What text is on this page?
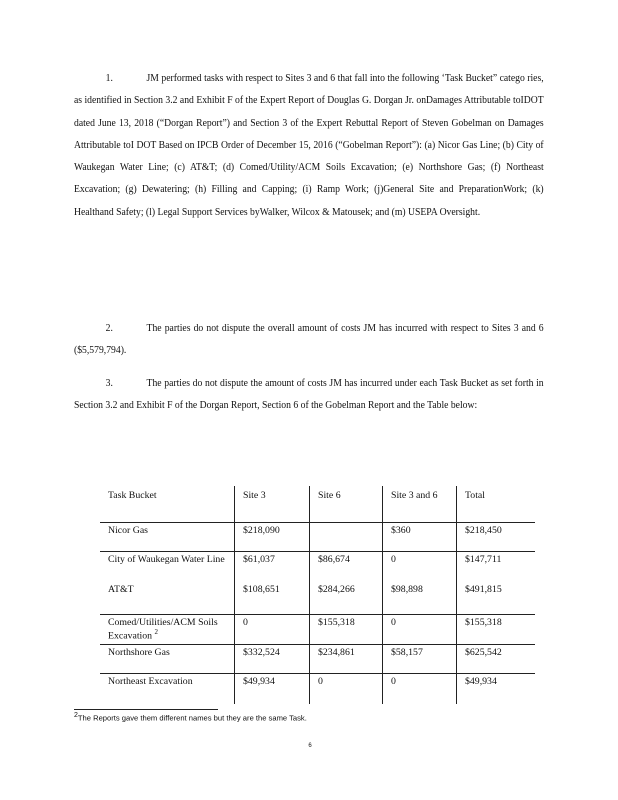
1.	JM performed tasks with respect to Sites 3 and 6 that fall into the following ‘Task Bucket” catego ries, as identified in Section 3.2 and Exhibit F of the Expert Report of Douglas G. Dorgan Jr. onDamages Attributable toIDOT dated June 13, 2018 (“Dorgan Report”) and Section 3 of the Expert Rebuttal Report of Steven Gobelman on Damages Attributable toI DOT Based on IPCB Order of December 15, 2016 (“Gobelman Report”): (a) Nicor Gas Line; (b) City of Waukegan Water Line; (c) AT&T; (d) Comed/Utility/ACM Soils Excavation; (e) Northshore Gas; (f) Northeast Excavation; (g) Dewatering; (h) Filling and Capping; (i) Ramp Work; (j)General Site and PreparationWork; (k) Healthand Safety; (l) Legal Support Services byWalker, Wilcox & Matousek; and (m) USEPA Oversight.
2.	The parties do not dispute the overall amount of costs JM has incurred with respect to Sites 3 and 6 ($5,579,794).
3.	The parties do not dispute the amount of costs JM has incurred under each Task Bucket as set forth in Section 3.2 and Exhibit F of the Dorgan Report, Section 6 of the Gobelman Report and the Table below:
Task Bucket	Site 3	Site 6	Site 3 and 6	Total
Nicor Gas	$218,090		$360	$218,450
City of Waukegan Water Line	$61,037	$86,674	0	$147,711
AT&T	$108,651	$284,266	$98,898	$491,815
Comed/Utilities/ACM Soils Excavation $^2$	0	$155,318	0	$155,318
Northshore Gas	$332,524	$234,861	$58,157	$625,542
Northeast Excavation	$49,934	0	0	$49,934
$^2$The Reports gave them different names but they are the same Task.
6
